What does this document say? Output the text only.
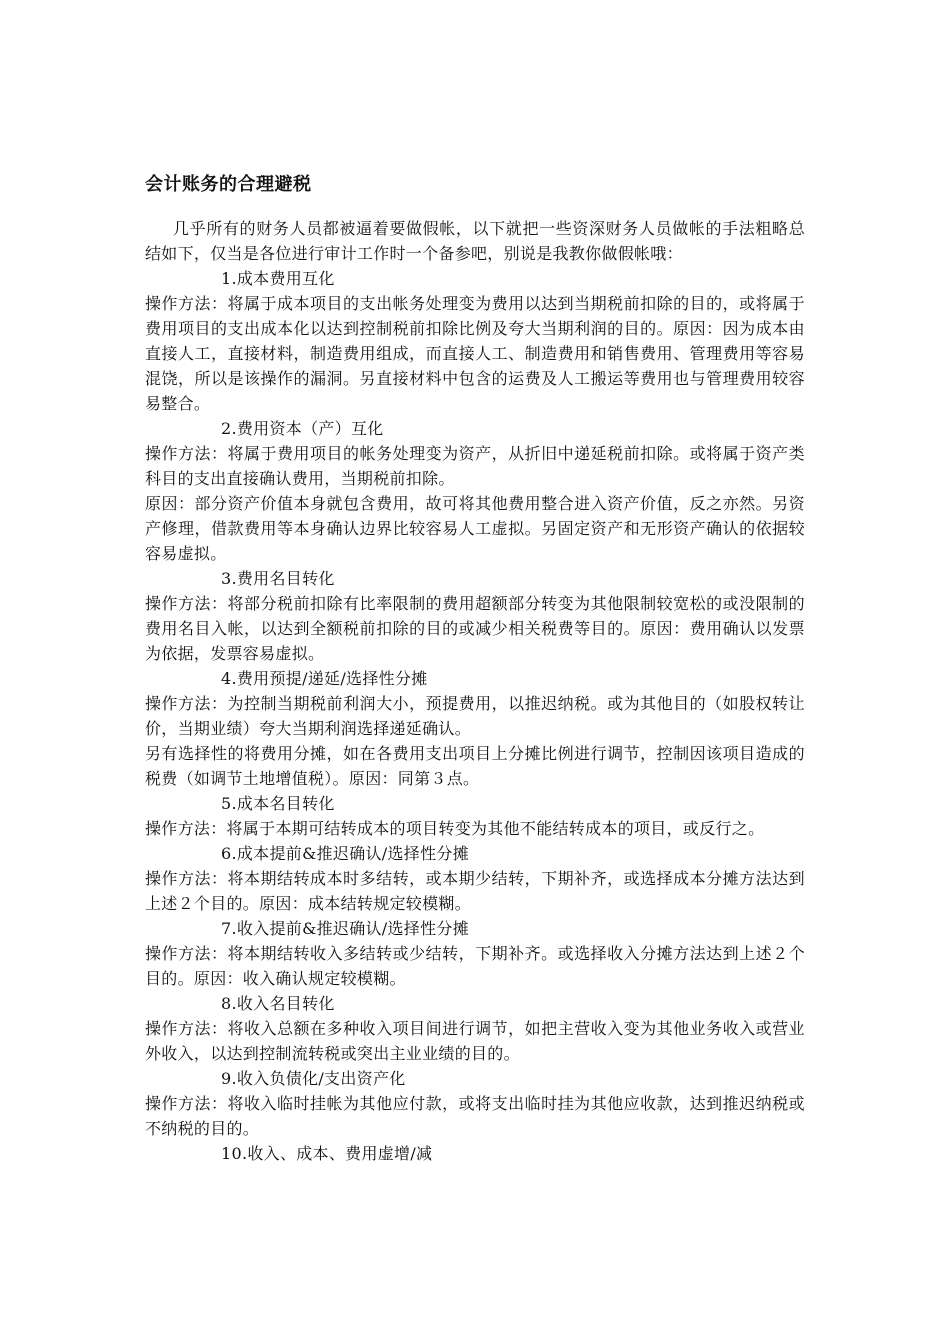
会计账务的合理避税

几乎所有的财务人员都被逼着要做假帐，以下就把一些资深财务人员做帐的手法粗略总结如下，仅当是各位进行审计工作时一个备参吧，别说是我教你做假帐哦：

1.成本费用互化

操作方法：将属于成本项目的支出帐务处理变为费用以达到当期税前扣除的目的，或将属于费用项目的支出成本化以达到控制税前扣除比例及夸大当期利润的目的。原因：因为成本由直接人工，直接材料，制造费用组成，而直接人工、制造费用和销售费用、管理费用等容易混饶，所以是该操作的漏洞。另直接材料中包含的运费及人工搬运等费用也与管理费用较容易整合。

2.费用资本（产）互化

操作方法：将属于费用项目的帐务处理变为资产，从折旧中递延税前扣除。或将属于资产类科目的支出直接确认费用，当期税前扣除。

原因：部分资产价值本身就包含费用，故可将其他费用整合进入资产价值，反之亦然。另资产修理，借款费用等本身确认边界比较容易人工虚拟。另固定资产和无形资产确认的依据较容易虚拟。

3.费用名目转化

操作方法：将部分税前扣除有比率限制的费用超额部分转变为其他限制较宽松的或没限制的费用名目入帐，以达到全额税前扣除的目的或减少相关税费等目的。原因：费用确认以发票为依据，发票容易虚拟。

4.费用预提/递延/选择性分摊

操作方法：为控制当期税前利润大小，预提费用，以推迟纳税。或为其他目的（如股权转让价，当期业绩）夸大当期利润选择递延确认。

另有选择性的将费用分摊，如在各费用支出项目上分摊比例进行调节，控制因该项目造成的税费（如调节土地增值税）。原因：同第３点。

5.成本名目转化

操作方法：将属于本期可结转成本的项目转变为其他不能结转成本的项目，或反行之。

6.成本提前&推迟确认/选择性分摊

操作方法：将本期结转成本时多结转，或本期少结转，下期补齐，或选择成本分摊方法达到上述２个目的。原因：成本结转规定较模糊。

7.收入提前&推迟确认/选择性分摊

操作方法：将本期结转收入多结转或少结转，下期补齐。或选择收入分摊方法达到上述２个目的。原因：收入确认规定较模糊。

8.收入名目转化

操作方法：将收入总额在多种收入项目间进行调节，如把主营收入变为其他业务收入或营业外收入，以达到控制流转税或突出主业业绩的目的。

9.收入负债化/支出资产化

操作方法：将收入临时挂帐为其他应付款，或将支出临时挂为其他应收款，达到推迟纳税或不纳税的目的。

10.收入、成本、费用虚增/减
